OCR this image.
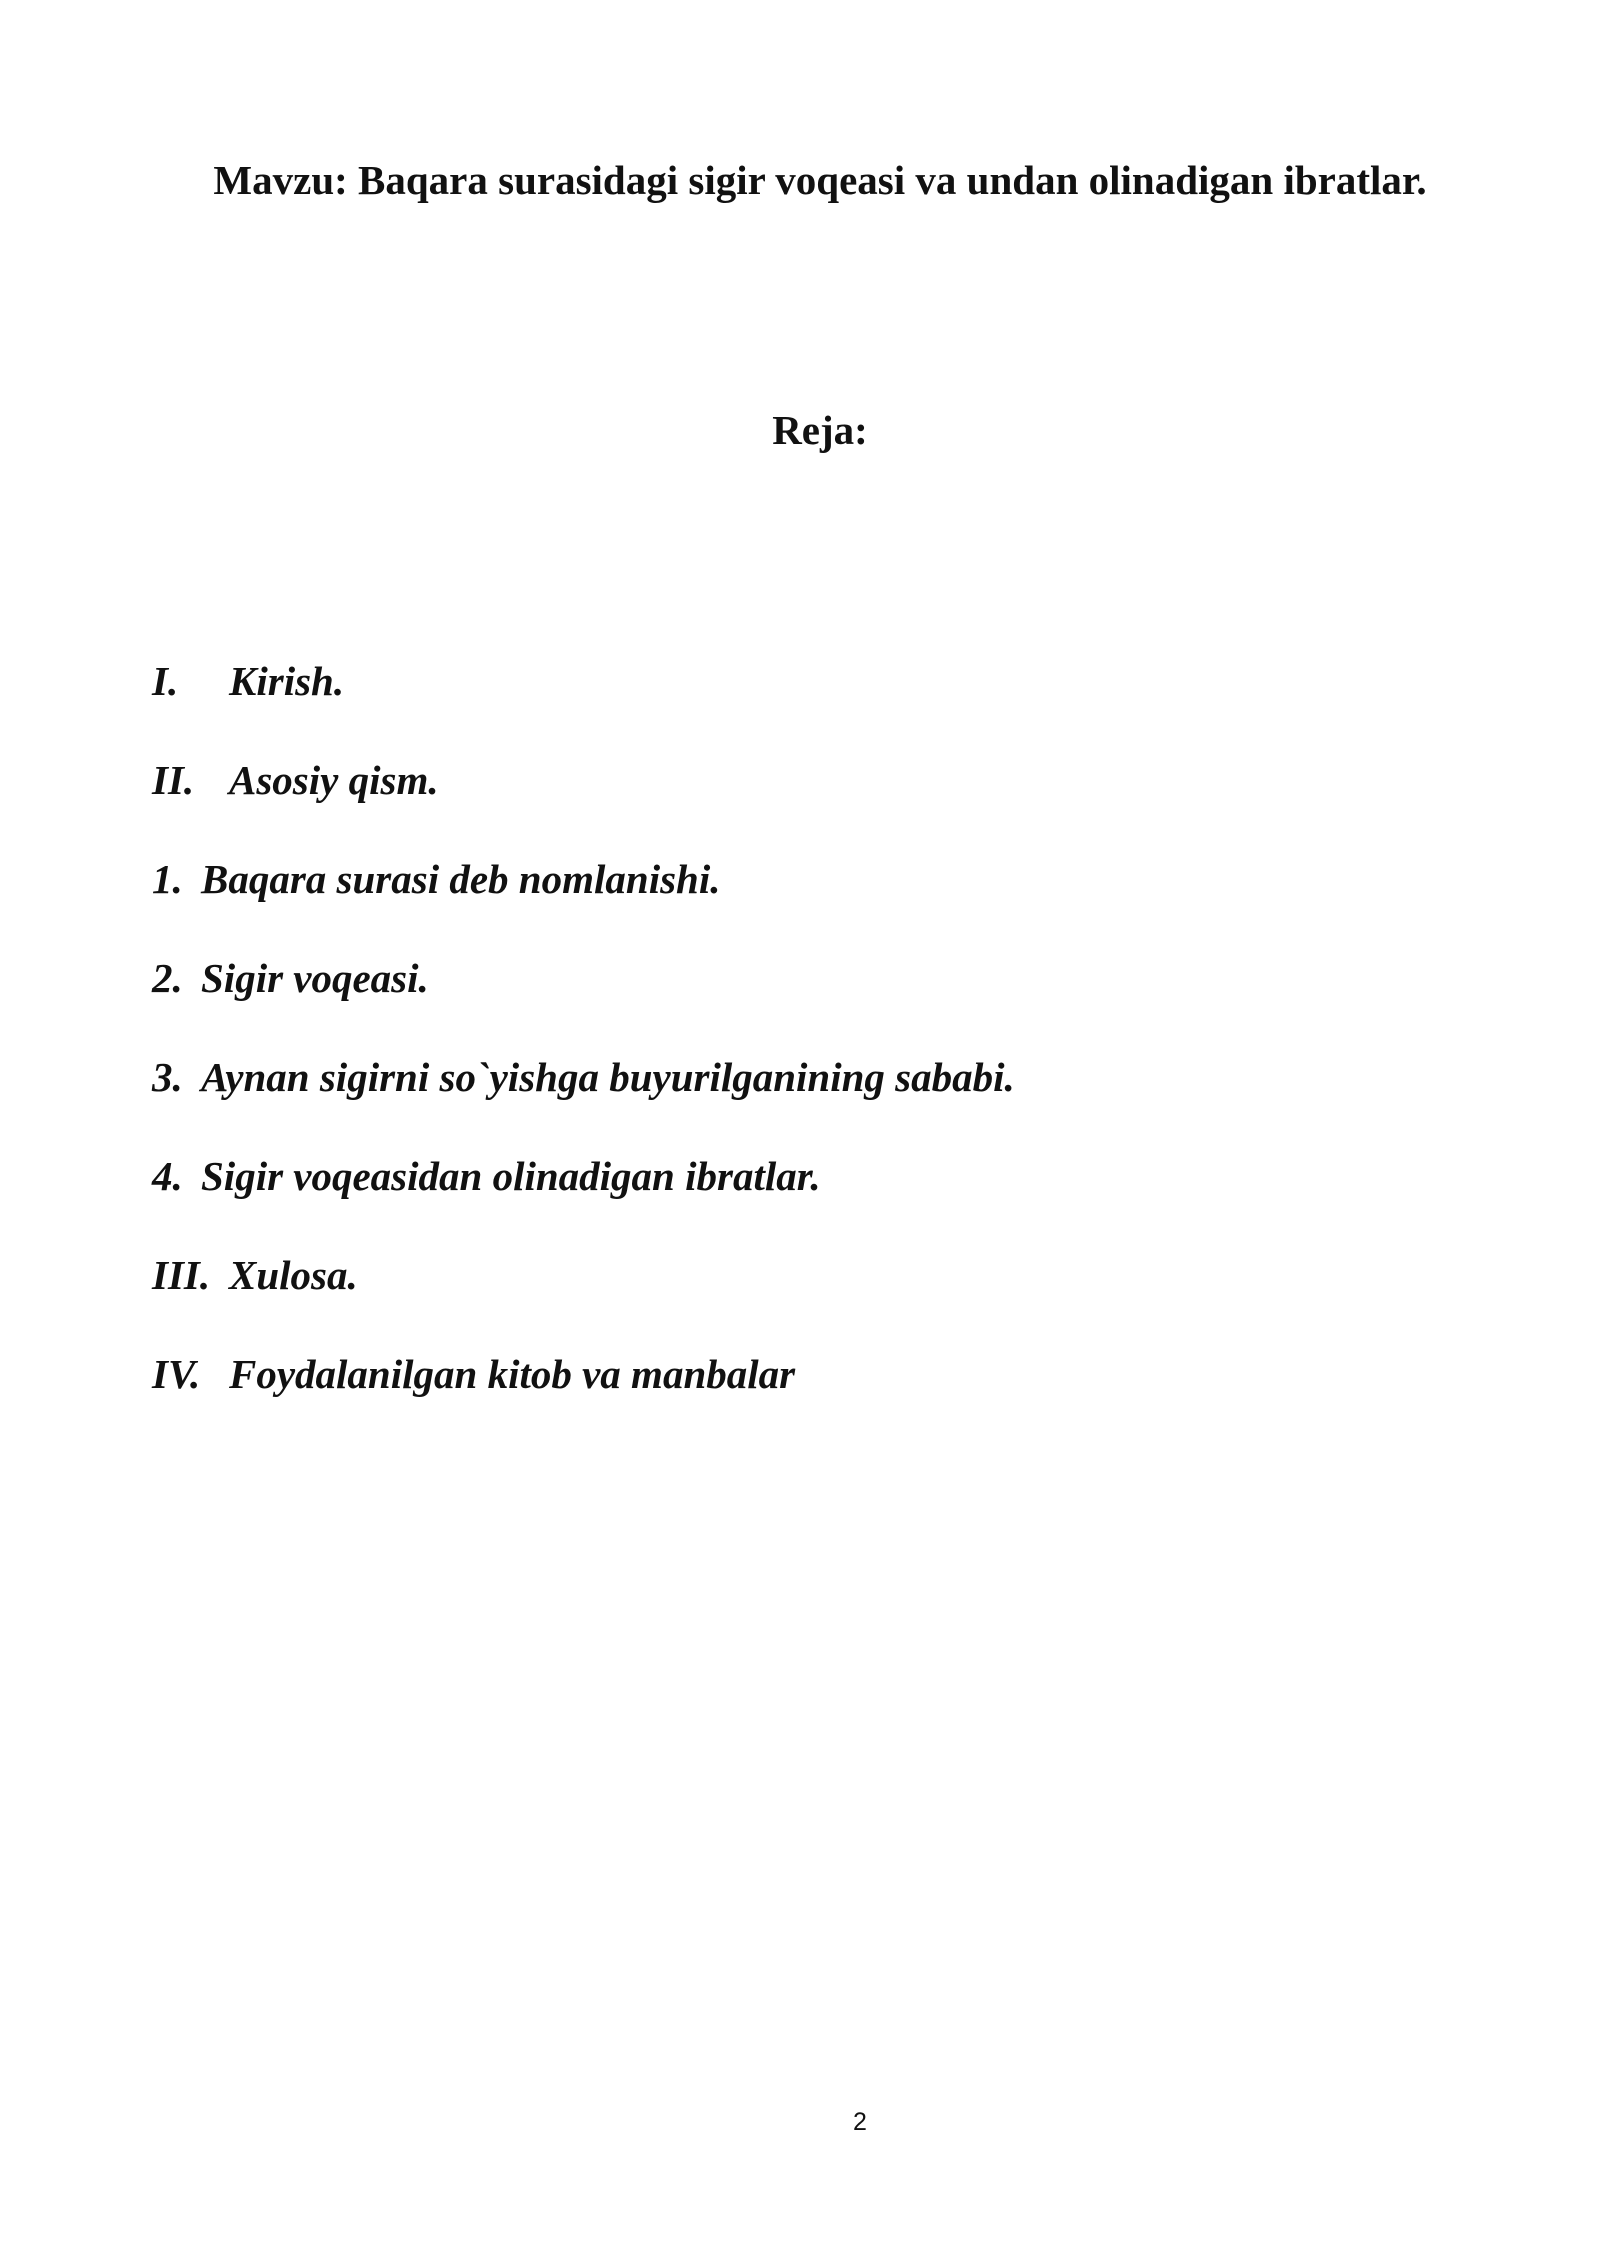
Mavzu: Baqara surasidagi sigir voqeasi va undan olinadigan ibratlar.
Reja:
I. Kirish.
II. Asosiy qism.
1. Baqara surasi deb nomlanishi.
2. Sigir voqeasi.
3. Aynan sigirni so`yishga buyurilganining sababi.
4. Sigir voqeasidan olinadigan ibratlar.
III. Xulosa.
IV. Foydalanilgan kitob va manbalar
2
